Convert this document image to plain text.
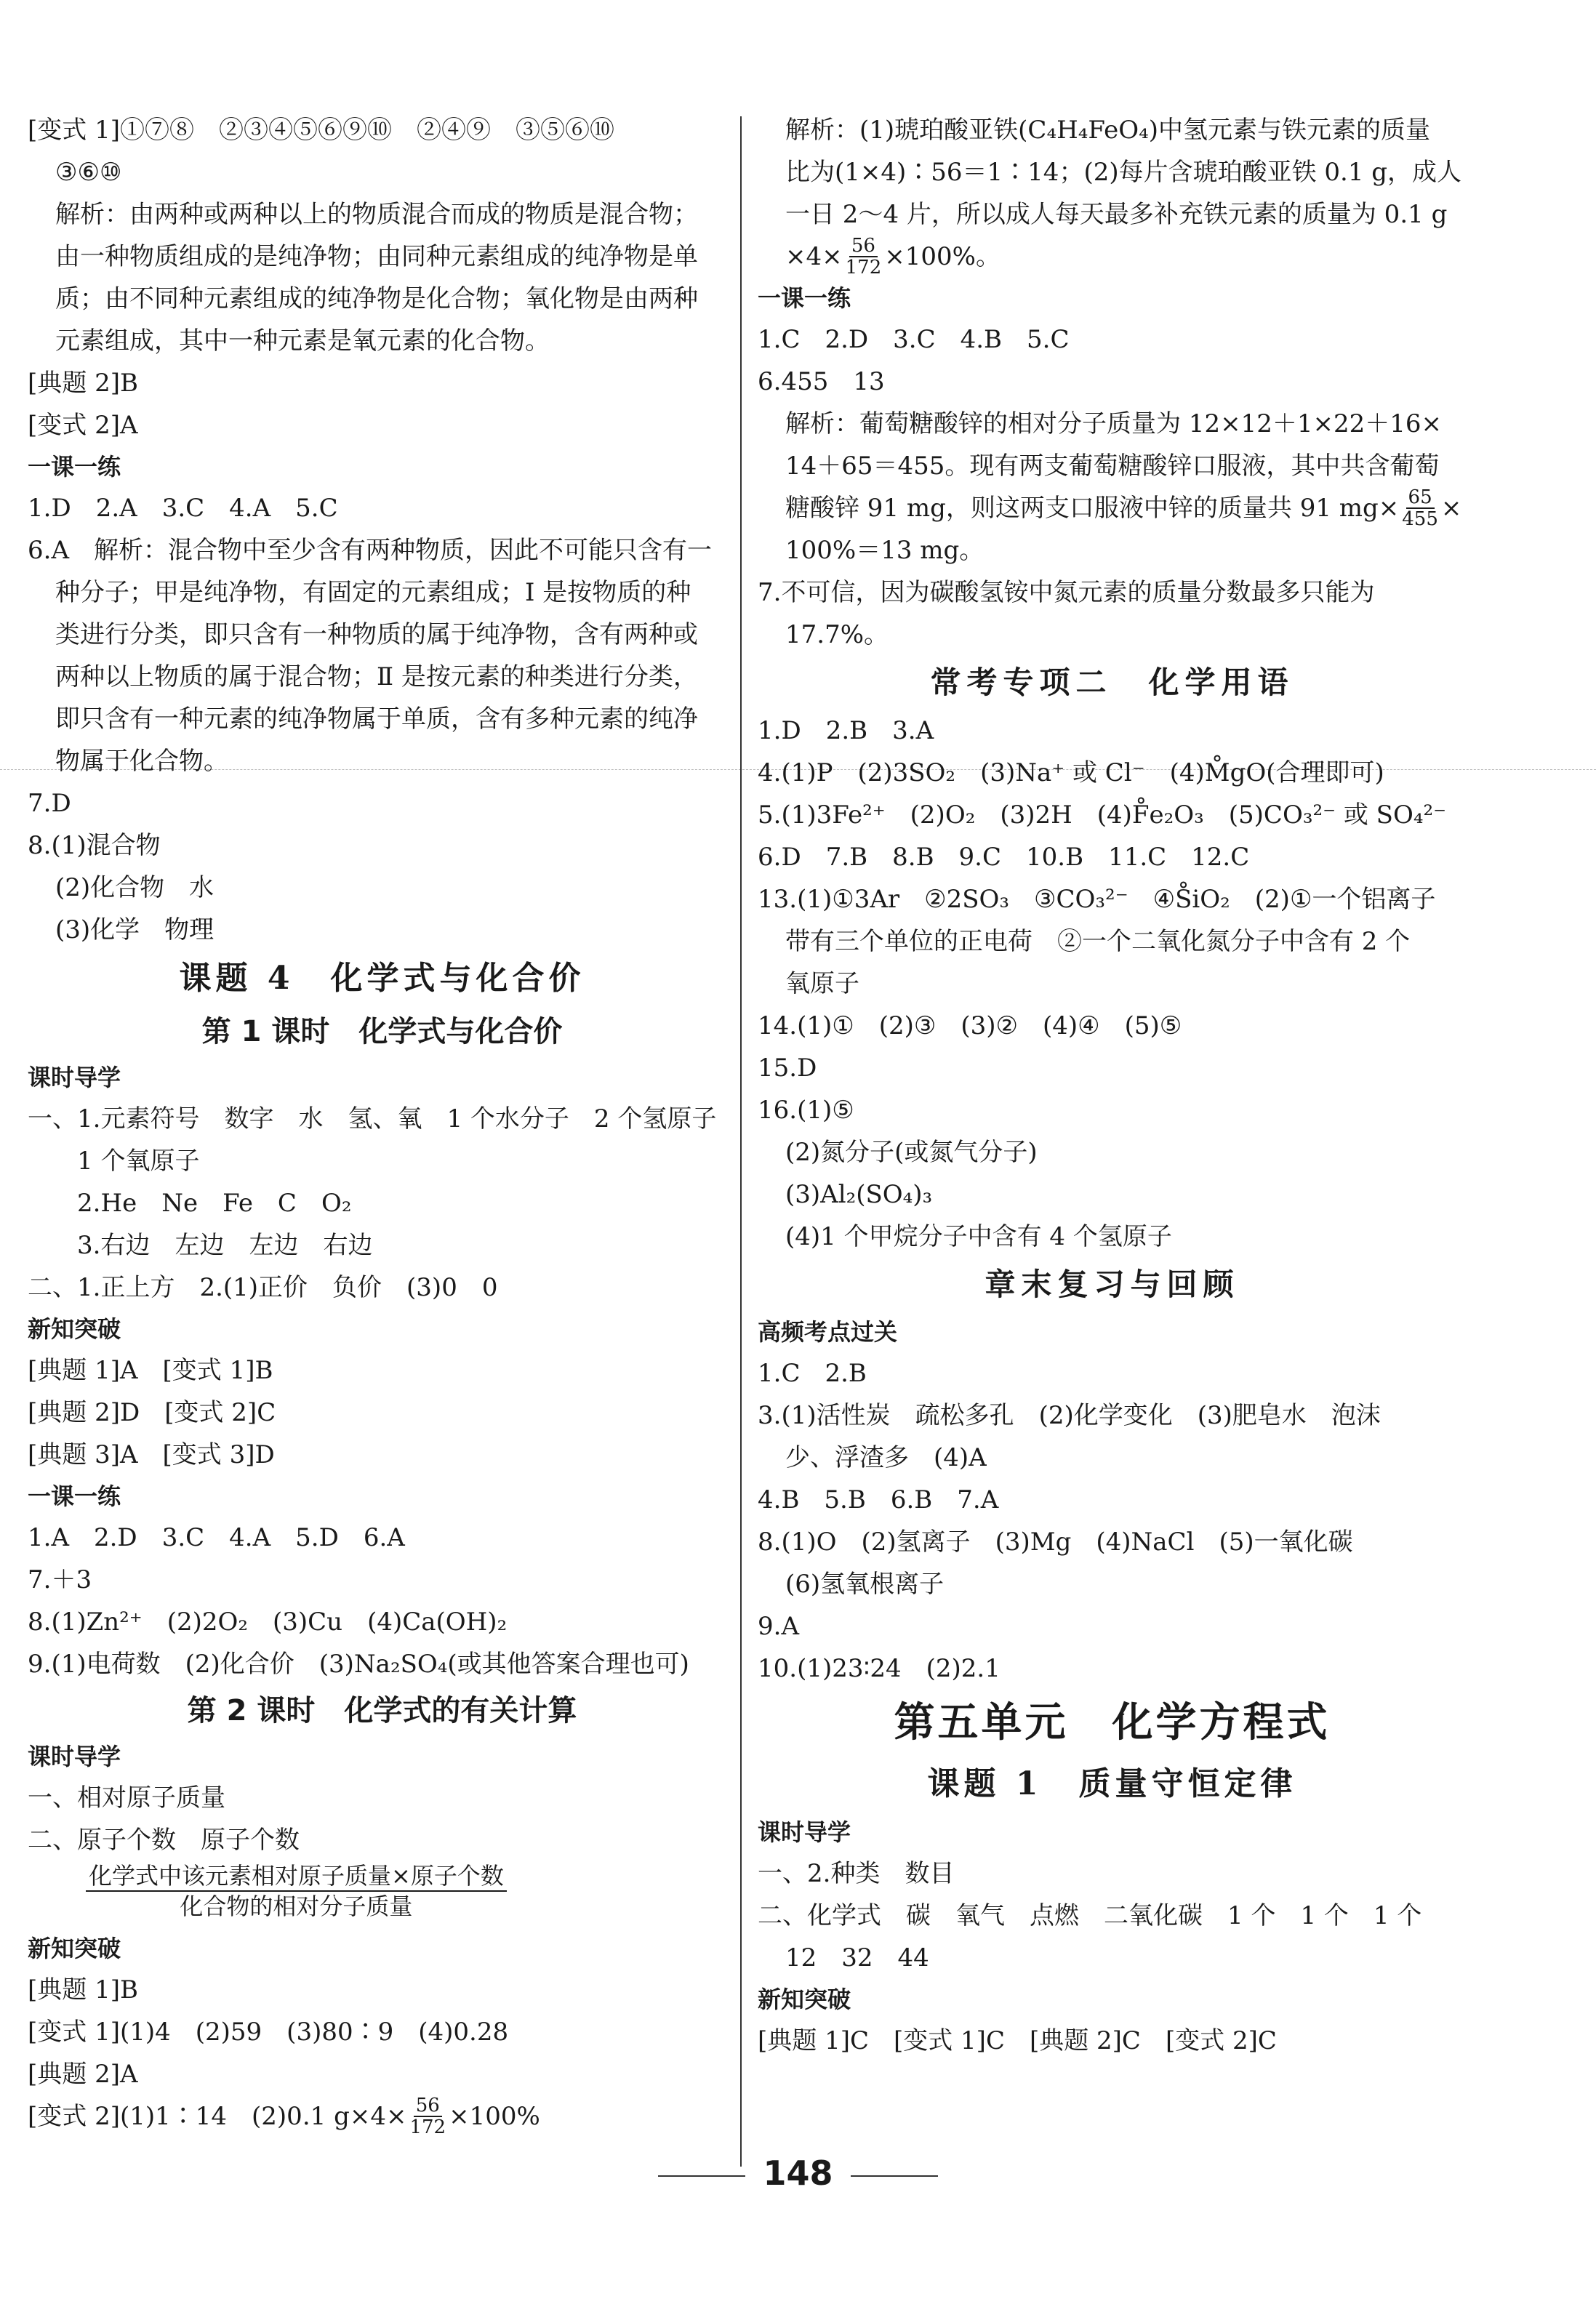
[变式 1]①⑦⑧　②③④⑤⑥⑨⑩　②④⑨　③⑤⑥⑩
③⑥⑩
解析：由两种或两种以上的物质混合而成的物质是混合物；
由一种物质组成的是纯净物；由同种元素组成的纯净物是单
质；由不同种元素组成的纯净物是化合物；氧化物是由两种
元素组成，其中一种元素是氧元素的化合物。
[典题 2]B
[变式 2]A
一课一练
1.D　2.A　3.C　4.A　5.C
6.A　解析：混合物中至少含有两种物质，因此不可能只含有一
种分子；甲是纯净物，有固定的元素组成；Ⅰ 是按物质的种
类进行分类，即只含有一种物质的属于纯净物，含有两种或
两种以上物质的属于混合物；Ⅱ 是按元素的种类进行分类，
即只含有一种元素的纯净物属于单质，含有多种元素的纯净
物属于化合物。
7.D
8.(1)混合物
(2)化合物　水
(3)化学　物理
课题 4　化学式与化合价
第 1 课时　化学式与化合价
课时导学
一、1.元素符号　数字　水　氢、氧　1 个水分子　2 个氢原子
1 个氧原子
2.He　Ne　Fe　C　O₂
3.右边　左边　左边　右边
二、1.正上方　2.(1)正价　负价　(3)0　0
新知突破
[典题 1]A　[变式 1]B
[典题 2]D　[变式 2]C
[典题 3]A　[变式 3]D
一课一练
1.A　2.D　3.C　4.A　5.D　6.A
7.＋3
8.(1)Zn²⁺　(2)2O₂　(3)Cu　(4)Ca(OH)₂
9.(1)电荷数　(2)化合价　(3)Na₂SO₄(或其他答案合理也可)
第 2 课时　化学式的有关计算
课时导学
一、相对原子质量
二、原子个数　原子个数
$\frac{\text{化学式中该元素相对原子质量×原子个数}}{\text{化合物的相对分子质量}}$
新知突破
[典题 1]B
[变式 1](1)4　(2)59　(3)80∶9　(4)0.28
[典题 2]A
[变式 2](1)1∶14　(2)0.1 $g\times 4\times \frac{56}{172} \times 100\%$
解析：(1)琥珀酸亚铁(C₄H₄FeO₄)中氢元素与铁元素的质量
比为(1×4)∶56＝1∶14；(2)每片含琥珀酸亚铁 0.1 g，成人
一日 2～4 片，所以成人每天最多补充铁元素的质量为 0.1 g
$\times 4\times \frac{56}{172} \times 100\%$。
一课一练
1.C　2.D　3.C　4.B　5.C
6.455　13
解析：葡萄糖酸锌的相对分子质量为 12×12＋1×22＋16×
14＋65＝455。现有两支葡萄糖酸锌口服液，其中共含葡萄
糖酸锌 91 mg，则这两支口服液中锌的质量共 91 $mg\times \frac{65}{455}$ ×
100%＝13 mg。
7.不可信，因为碳酸氢铵中氮元素的质量分数最多只能为
17.7%。
常考专项二　化学用语
1.D　2.B　3.A
4.(1)P　(2)3SO₂　(3)Na⁺ 或 Cl⁻　(4)M̊gO(合理即可)
5.(1)3Fe²⁺　(2)O₂　(3)2H　(4)F̊e₂O₃　(5)CO₃²⁻ 或 SO₄²⁻
6.D　7.B　8.B　9.C　10.B　11.C　12.C
13.(1)①3Ar　②2SO₃　③CO₃²⁻　④S̊iO₂　(2)①一个铝离子
带有三个单位的正电荷　②一个二氧化氮分子中含有 2 个
氧原子
14.(1)①　(2)③　(3)②　(4)④　(5)⑤
15.D
16.(1)⑤
(2)氮分子(或氮气分子)
(3)Al₂(SO₄)₃
(4)1 个甲烷分子中含有 4 个氢原子
章末复习与回顾
高频考点过关
1.C　2.B
3.(1)活性炭　疏松多孔　(2)化学变化　(3)肥皂水　泡沫
少、浮渣多　(4)A
4.B　5.B　6.B　7.A
8.(1)O　(2)氢离子　(3)Mg　(4)NaCl　(5)一氧化碳
(6)氢氧根离子
9.A
10.(1)23∶24　(2)2.1
第五单元　化学方程式
课题 1　质量守恒定律
课时导学
一、2.种类　数目
二、化学式　碳　氧气　点燃　二氧化碳　1 个　1 个　1 个
12　32　44
新知突破
[典题 1]C　[变式 1]C　[典题 2]C　[变式 2]C
148
